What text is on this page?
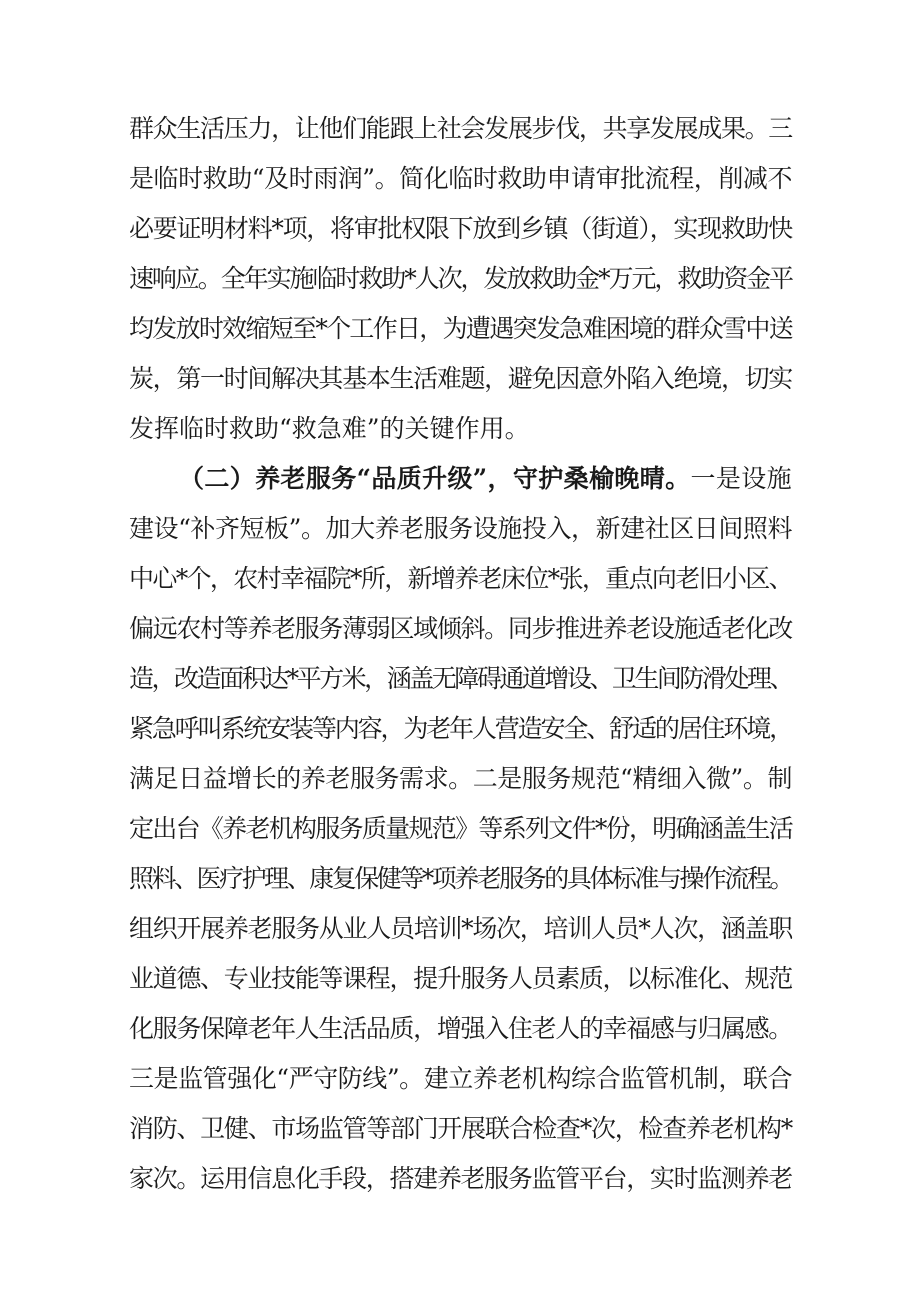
群众生活压力，让他们能跟上社会发展步伐，共享发展成果。三
是临时救助“及时雨润”。简化临时救助申请审批流程，削减不
必要证明材料*项，将审批权限下放到乡镇（街道），实现救助快
速响应。全年实施临时救助*人次，发放救助金*万元，救助资金平
均发放时效缩短至*个工作日，为遭遇突发急难困境的群众雪中送
炭，第一时间解决其基本生活难题，避免因意外陷入绝境，切实
发挥临时救助“救急难”的关键作用。
（二）养老服务“品质升级”，守护桑榆晚晴。一是设施
建设“补齐短板”。加大养老服务设施投入，新建社区日间照料
中心*个，农村幸福院*所，新增养老床位*张，重点向老旧小区、
偏远农村等养老服务薄弱区域倾斜。同步推进养老设施适老化改
造，改造面积达*平方米，涵盖无障碍通道增设、卫生间防滑处理、
紧急呼叫系统安装等内容，为老年人营造安全、舒适的居住环境，
满足日益增长的养老服务需求。二是服务规范“精细入微”。制
定出台《养老机构服务质量规范》等系列文件*份，明确涵盖生活
照料、医疗护理、康复保健等*项养老服务的具体标准与操作流程。
组织开展养老服务从业人员培训*场次，培训人员*人次，涵盖职
业道德、专业技能等课程，提升服务人员素质，以标准化、规范
化服务保障老年人生活品质，增强入住老人的幸福感与归属感。
三是监管强化“严守防线”。建立养老机构综合监管机制，联合
消防、卫健、市场监管等部门开展联合检查*次，检查养老机构*
家次。运用信息化手段，搭建养老服务监管平台，实时监测养老
